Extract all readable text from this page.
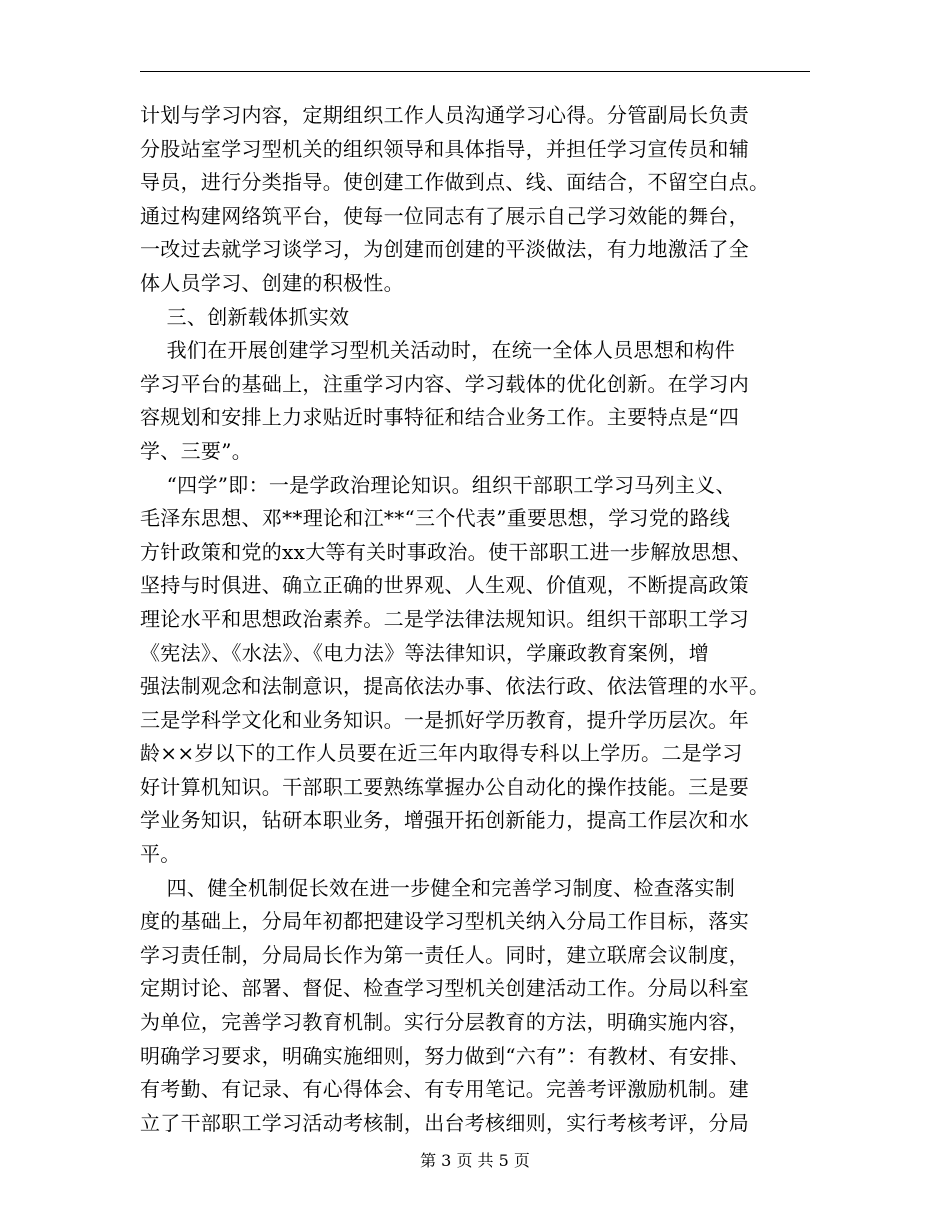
计划与学习内容，定期组织工作人员沟通学习心得。分管副局长负责
分股站室学习型机关的组织领导和具体指导，并担任学习宣传员和辅
导员，进行分类指导。使创建工作做到点、线、面结合，不留空白点。
通过构建网络筑平台，使每一位同志有了展示自己学习效能的舞台，
一改过去就学习谈学习，为创建而创建的平淡做法，有力地激活了全
体人员学习、创建的积极性。
三、创新载体抓实效
我们在开展创建学习型机关活动时，在统一全体人员思想和构件
学习平台的基础上，注重学习内容、学习载体的优化创新。在学习内
容规划和安排上力求贴近时事特征和结合业务工作。主要特点是“四
学、三要”。
“四学”即：一是学政治理论知识。组织干部职工学习马列主义、
毛泽东思想、邓**理论和江**“三个代表”重要思想，学习党的路线
方针政策和党的xx大等有关时事政治。使干部职工进一步解放思想、
坚持与时俱进、确立正确的世界观、人生观、价值观，不断提高政策
理论水平和思想政治素养。二是学法律法规知识。组织干部职工学习
《宪法》、《水法》、《电力法》等法律知识，学廉政教育案例，增
强法制观念和法制意识，提高依法办事、依法行政、依法管理的水平。
三是学科学文化和业务知识。一是抓好学历教育，提升学历层次。年
龄××岁以下的工作人员要在近三年内取得专科以上学历。二是学习
好计算机知识。干部职工要熟练掌握办公自动化的操作技能。三是要
学业务知识，钻研本职业务，增强开拓创新能力，提高工作层次和水
平。
四、健全机制促长效在进一步健全和完善学习制度、检查落实制
度的基础上，分局年初都把建设学习型机关纳入分局工作目标，落实
学习责任制，分局局长作为第一责任人。同时，建立联席会议制度，
定期讨论、部署、督促、检查学习型机关创建活动工作。分局以科室
为单位，完善学习教育机制。实行分层教育的方法，明确实施内容，
明确学习要求，明确实施细则，努力做到“六有”：有教材、有安排、
有考勤、有记录、有心得体会、有专用笔记。完善考评激励机制。建
立了干部职工学习活动考核制，出台考核细则，实行考核考评，分局
第 3 页 共 5 页
